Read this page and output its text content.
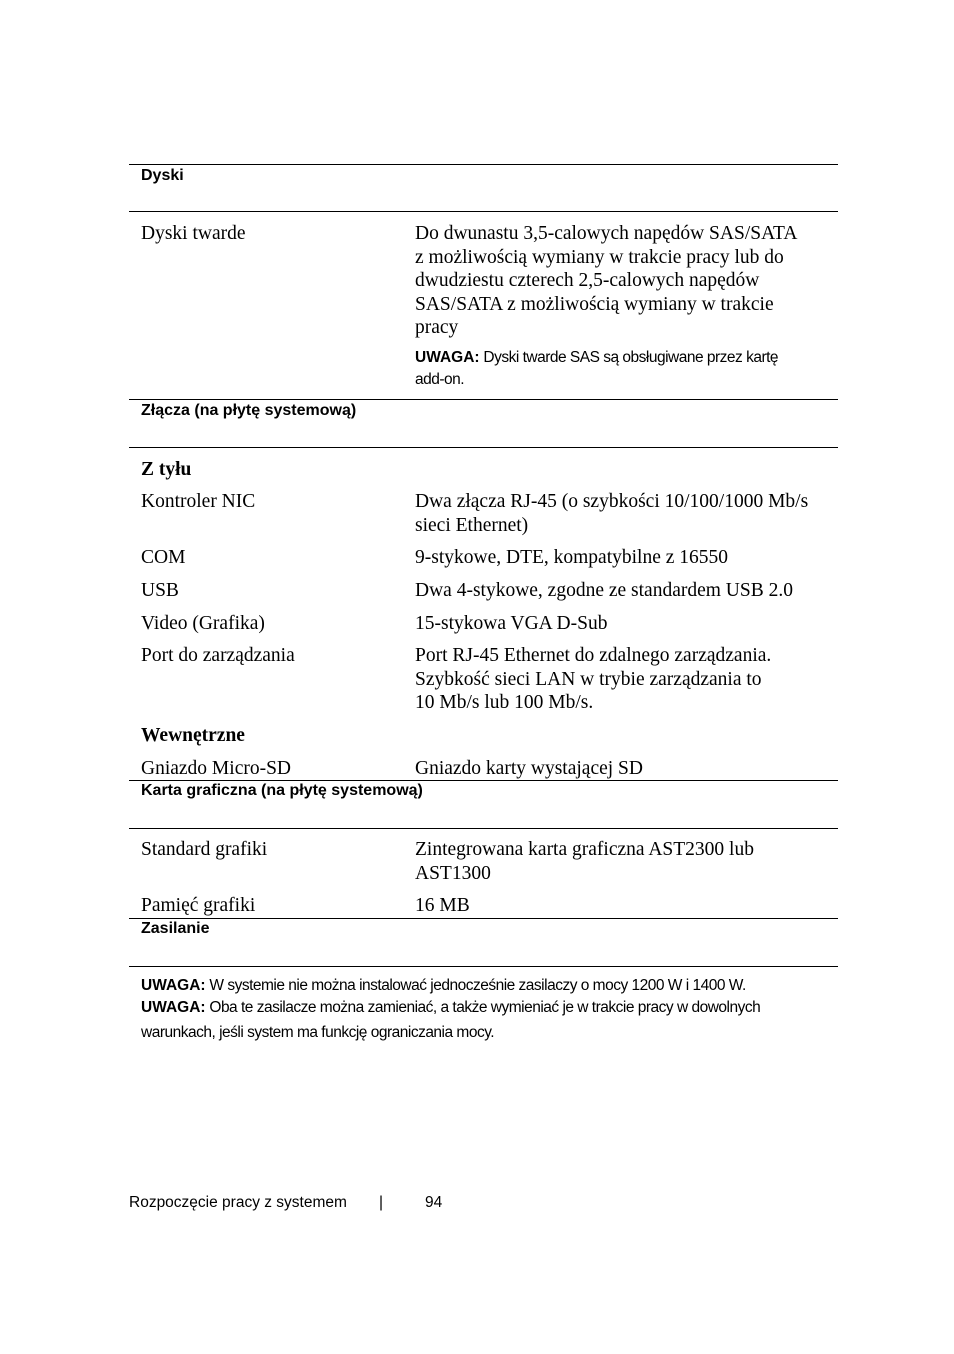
Dyski
Dyski twarde	Do dwunastu 3,5-calowych napędów SAS/SATA
z możliwością wymiany w trakcie pracy lub do
dwudziestu czterech 2,5-calowych napędów
SAS/SATA z możliwością wymiany w trakcie
pracy
UWAGA: Dyski twarde SAS są obsługiwane przez kartę
add-on.
Złącza (na płytę systemową)
Z tyłu
Kontroler NIC	Dwa złącza RJ-45 (o szybkości 10/100/1000 Mb/s
sieci Ethernet)
COM	9-stykowe, DTE, kompatybilne z 16550
USB	Dwa 4-stykowe, zgodne ze standardem USB 2.0
Video (Grafika)	15-stykowa VGA D-Sub
Port do zarządzania	Port RJ-45 Ethernet do zdalnego zarządzania.
Szybkość sieci LAN w trybie zarządzania to
10 Mb/s lub 100 Mb/s.
Wewnętrzne
Gniazdo Micro-SD	Gniazdo karty wystającej SD
Karta graficzna (na płytę systemową)
Standard grafiki	Zintegrowana karta graficzna AST2300 lub
AST1300
Pamięć grafiki	16 MB
Zasilanie
UWAGA: W systemie nie można instalować jednocześnie zasilaczy o mocy 1200 W i 1400 W.
UWAGA: Oba te zasilacze można zamieniać, a także wymieniać je w trakcie pracy w dowolnych
warunkach, jeśli system ma funkcję ograniczania mocy.
Rozpoczęcie pracy z systemem |	94
